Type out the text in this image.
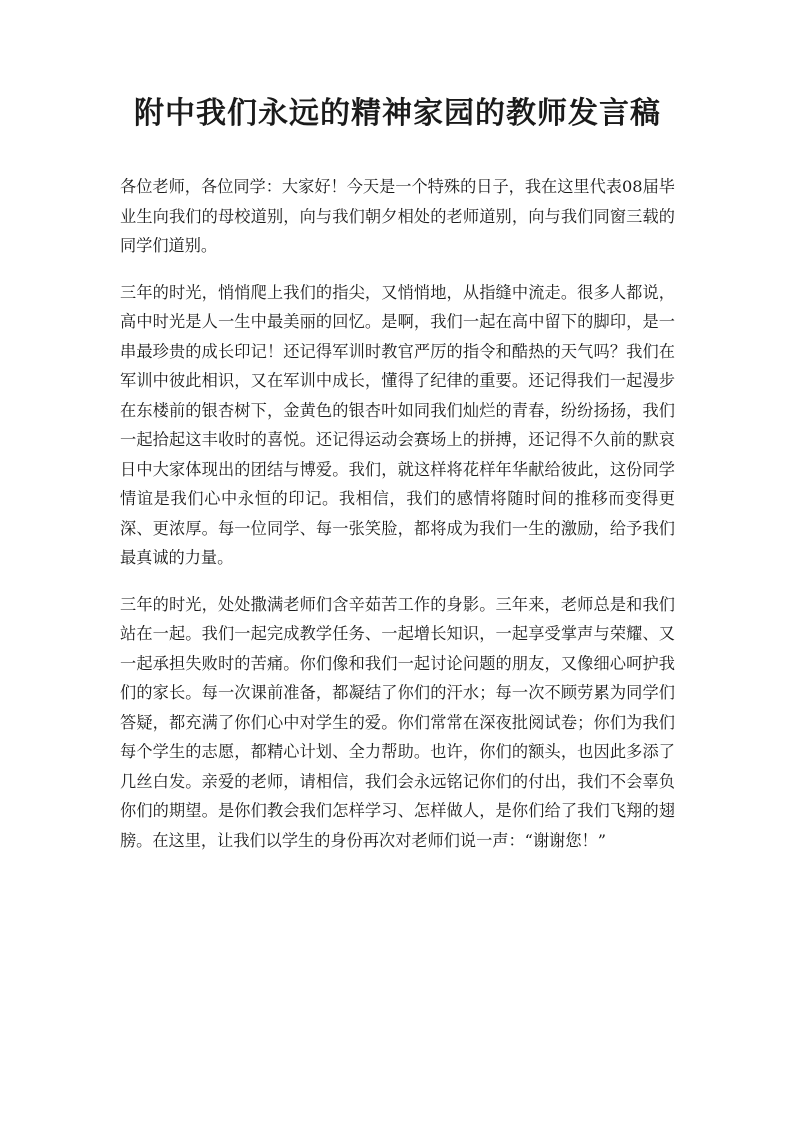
附中我们永远的精神家园的教师发言稿

各位老师，各位同学：大家好！今天是一个特殊的日子，我在这里代表08届毕业生向我们的母校道别，向与我们朝夕相处的老师道别，向与我们同窗三载的同学们道别。

三年的时光，悄悄爬上我们的指尖，又悄悄地，从指缝中流走。很多人都说，高中时光是人一生中最美丽的回忆。是啊，我们一起在高中留下的脚印，是一串最珍贵的成长印记！还记得军训时教官严厉的指令和酷热的天气吗？我们在军训中彼此相识，又在军训中成长，懂得了纪律的重要。还记得我们一起漫步在东楼前的银杏树下，金黄色的银杏叶如同我们灿烂的青春，纷纷扬扬，我们一起拾起这丰收时的喜悦。还记得运动会赛场上的拼搏，还记得不久前的默哀日中大家体现出的团结与博爱。我们，就这样将花样年华献给彼此，这份同学情谊是我们心中永恒的印记。我相信，我们的感情将随时间的推移而变得更深、更浓厚。每一位同学、每一张笑脸，都将成为我们一生的激励，给予我们最真诚的力量。

三年的时光，处处撒满老师们含辛茹苦工作的身影。三年来，老师总是和我们站在一起。我们一起完成教学任务、一起增长知识，一起享受掌声与荣耀、又一起承担失败时的苦痛。你们像和我们一起讨论问题的朋友，又像细心呵护我们的家长。每一次课前准备，都凝结了你们的汗水；每一次不顾劳累为同学们答疑，都充满了你们心中对学生的爱。你们常常在深夜批阅试卷；你们为我们每个学生的志愿，都精心计划、全力帮助。也许，你们的额头，也因此多添了几丝白发。亲爱的老师，请相信，我们会永远铭记你们的付出，我们不会辜负你们的期望。是你们教会我们怎样学习、怎样做人，是你们给了我们飞翔的翅膀。在这里，让我们以学生的身份再次对老师们说一声：“谢谢您！”
